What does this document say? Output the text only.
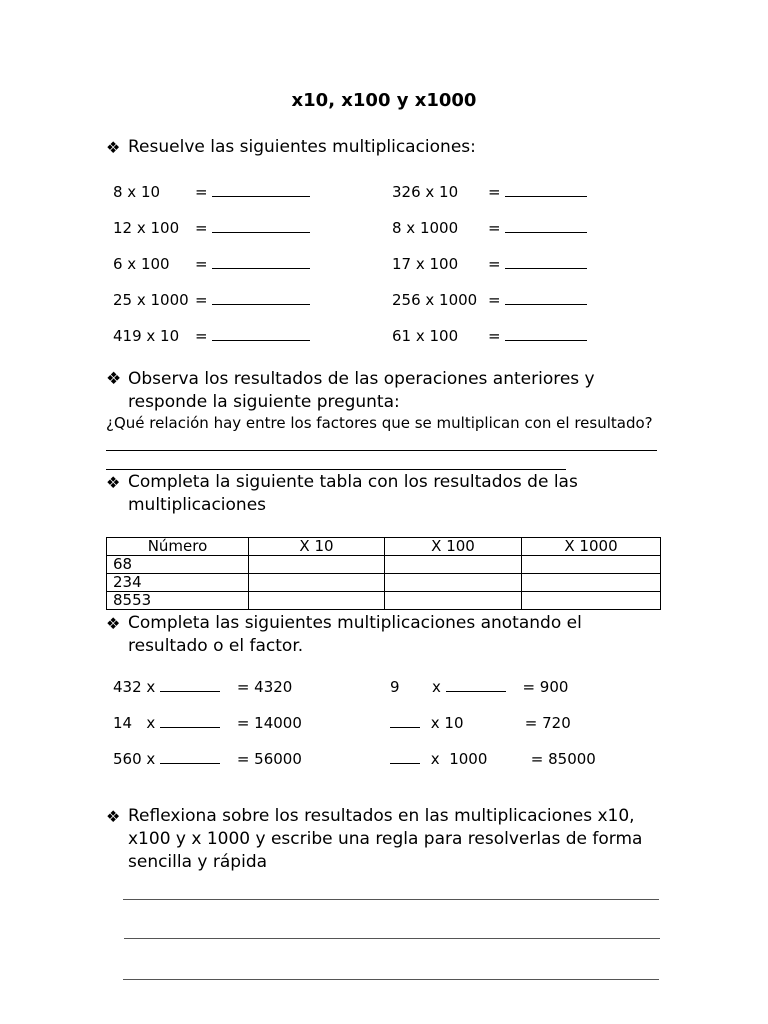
x10, x100 y x1000
❖ Resuelve las siguientes multiplicaciones:
8 x 10 =
12 x 100 =
6 x 100 =
25 x 1000 =
419 x 10 =
326 x 10 =
8 x 1000 =
17 x 100 =
256 x 1000 =
61 x 100 =
❖ Observa los resultados de las operaciones anteriores y
responde la siguiente pregunta:
¿Qué relación hay entre los factores que se multiplican con el resultado?
❖ Completa la siguiente tabla con los resultados de las
multiplicaciones
Número	X 10	X 100	X 1000
68			
234			
8553			
❖ Completa las siguientes multiplicaciones anotando el
resultado o el factor.
432 x	= 4320
14   x	= 14000
560 x	= 56000
9 x	= 900
x 10	= 720
x  1000	= 85000
❖ Reflexiona sobre los resultados en las multiplicaciones x10,
x100 y x 1000 y escribe una regla para resolverlas de forma
sencilla y rápida
